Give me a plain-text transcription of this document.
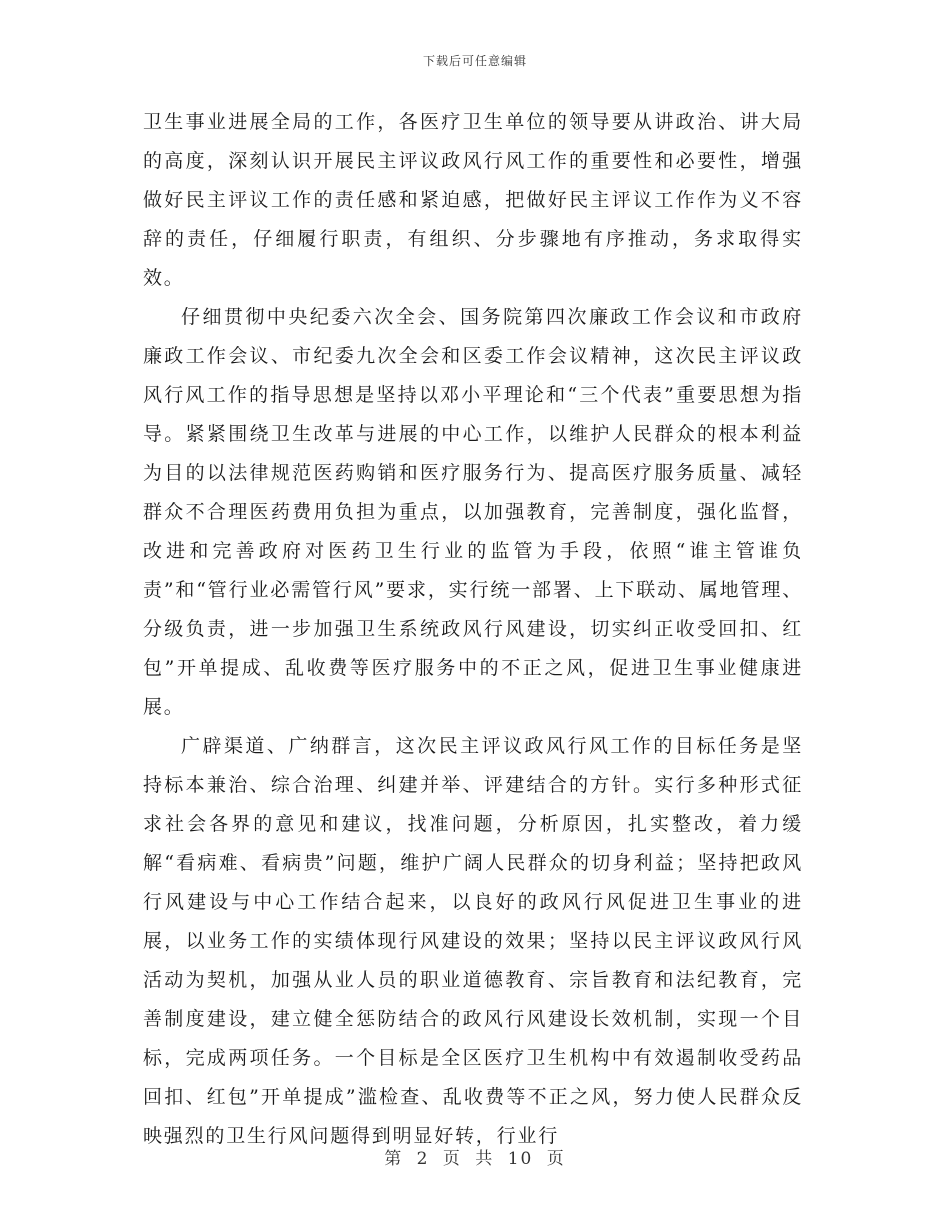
下载后可任意编辑

卫生事业进展全局的工作，各医疗卫生单位的领导要从讲政治、讲大局的高度，深刻认识开展民主评议政风行风工作的重要性和必要性，增强做好民主评议工作的责任感和紧迫感，把做好民主评议工作作为义不容辞的责任，仔细履行职责，有组织、分步骤地有序推动，务求取得实效。

仔细贯彻中央纪委六次全会、国务院第四次廉政工作会议和市政府廉政工作会议、市纪委九次全会和区委工作会议精神，这次民主评议政风行风工作的指导思想是坚持以邓小平理论和“三个代表”重要思想为指导。紧紧围绕卫生改革与进展的中心工作，以维护人民群众的根本利益为目的以法律规范医药购销和医疗服务行为、提高医疗服务质量、减轻群众不合理医药费用负担为重点，以加强教育，完善制度，强化监督，改进和完善政府对医药卫生行业的监管为手段，依照“谁主管谁负责”和“管行业必需管行风”要求，实行统一部署、上下联动、属地管理、分级负责，进一步加强卫生系统政风行风建设，切实纠正收受回扣、红包”开单提成、乱收费等医疗服务中的不正之风，促进卫生事业健康进展。

广辟渠道、广纳群言，这次民主评议政风行风工作的目标任务是坚持标本兼治、综合治理、纠建并举、评建结合的方针。实行多种形式征求社会各界的意见和建议，找准问题，分析原因，扎实整改，着力缓解“看病难、看病贵”问题，维护广阔人民群众的切身利益；坚持把政风行风建设与中心工作结合起来，以良好的政风行风促进卫生事业的进展，以业务工作的实绩体现行风建设的效果；坚持以民主评议政风行风活动为契机，加强从业人员的职业道德教育、宗旨教育和法纪教育，完善制度建设，建立健全惩防结合的政风行风建设长效机制，实现一个目标，完成两项任务。一个目标是全区医疗卫生机构中有效遏制收受药品回扣、红包”开单提成”滥检查、乱收费等不正之风，努力使人民群众反映强烈的卫生行风问题得到明显好转，行业行

第 2 页 共 10 页
